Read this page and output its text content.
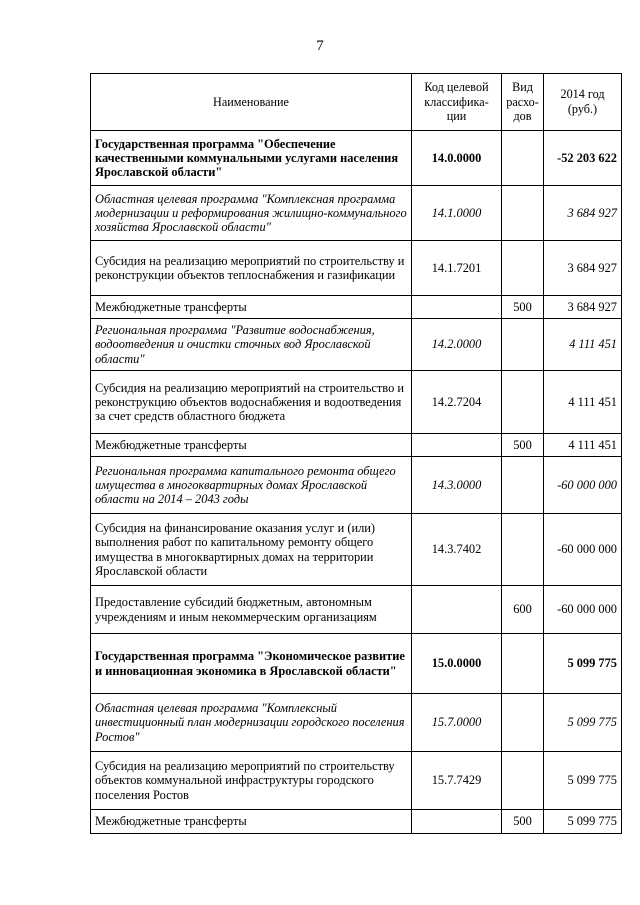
7
Наименование	Код целевой классифика-ции	Вид расхо-дов	2014 год (руб.)
Государственная программа "Обеспечение качественными коммунальными услугами населения Ярославской области"	14.0.0000		-52 203 622
Областная целевая программа "Комплексная программа модернизации и реформирования жилищно-коммунального хозяйства Ярославской области"	14.1.0000		3 684 927
Субсидия на реализацию мероприятий по строительству и реконструкции объектов теплоснабжения и газификации	14.1.7201		3 684 927
Межбюджетные трансферты		500	3 684 927
Региональная программа "Развитие водоснабжения, водоотведения и очистки сточных вод Ярославской области"	14.2.0000		4 111 451
Субсидия на реализацию мероприятий на строительство и реконструкцию объектов водоснабжения и водоотведения за счет средств областного бюджета	14.2.7204		4 111 451
Межбюджетные трансферты		500	4 111 451
Региональная программа капитального ремонта общего имущества в многоквартирных домах Ярославской области на 2014 – 2043 годы	14.3.0000		-60 000 000
Субсидия на финансирование оказания услуг и (или) выполнения работ по капитальному ремонту общего имущества в многоквартирных домах на территории Ярославской области	14.3.7402		-60 000 000
Предоставление субсидий бюджетным, автономным учреждениям и иным некоммерческим организациям		600	-60 000 000
Государственная программа "Экономическое развитие и инновационная экономика в Ярославской области"	15.0.0000		5 099 775
Областная целевая программа "Комплексный инвестиционный план модернизации городского поселения Ростов"	15.7.0000		5 099 775
Субсидия на реализацию мероприятий по строительству объектов коммунальной инфраструктуры городского поселения Ростов	15.7.7429		5 099 775
Межбюджетные трансферты		500	5 099 775
